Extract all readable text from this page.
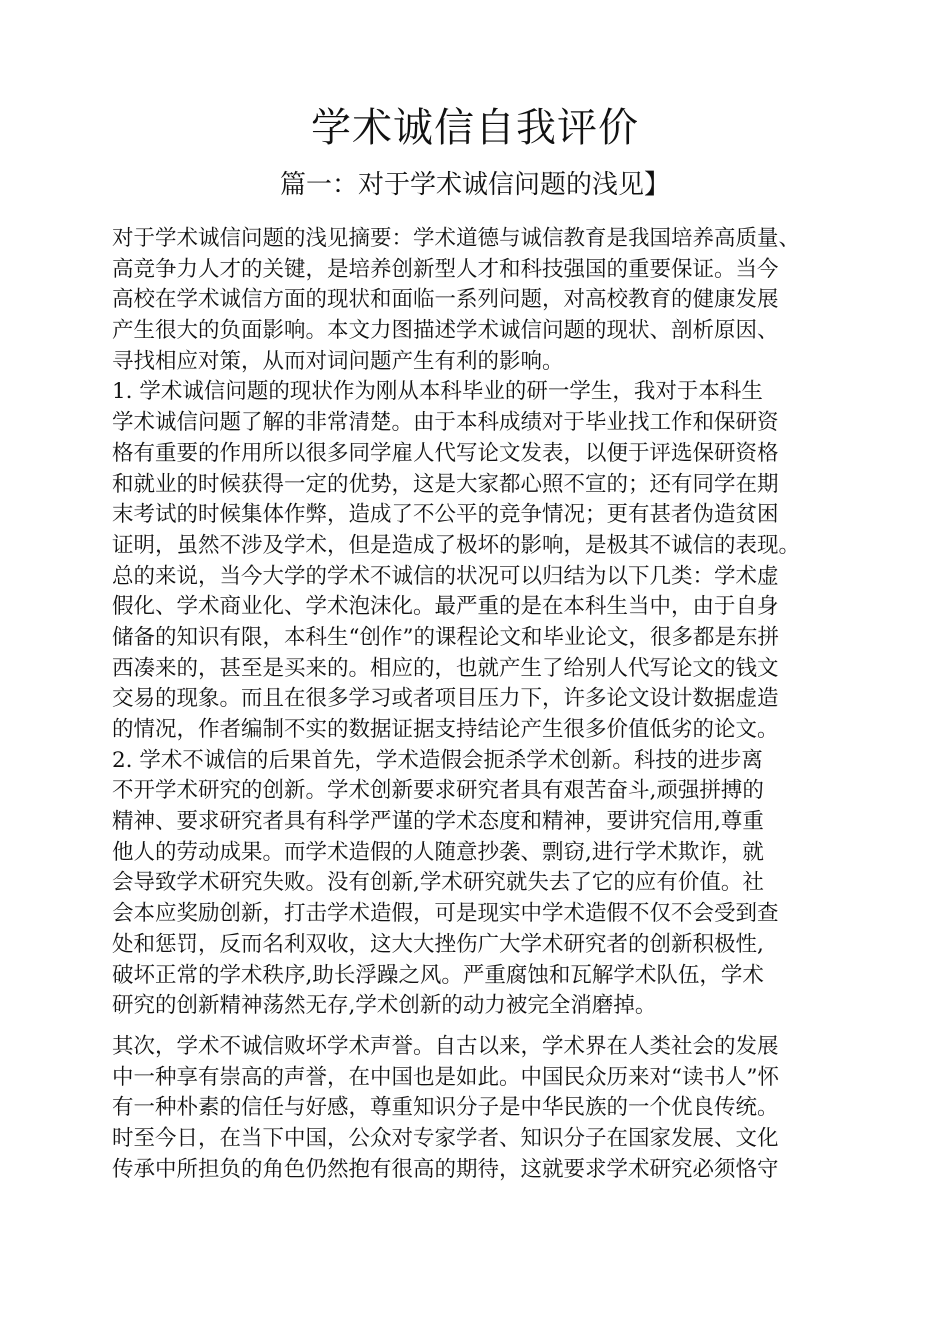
学术诚信自我评价
篇一：对于学术诚信问题的浅见】
对于学术诚信问题的浅见摘要：学术道德与诚信教育是我国培养高质量、
高竞争力人才的关键，是培养创新型人才和科技强国的重要保证。当今
高校在学术诚信方面的现状和面临一系列问题，对高校教育的健康发展
产生很大的负面影响。本文力图描述学术诚信问题的现状、剖析原因、
寻找相应对策，从而对词问题产生有利的影响。
1. 学术诚信问题的现状作为刚从本科毕业的研一学生，我对于本科生
学术诚信问题了解的非常清楚。由于本科成绩对于毕业找工作和保研资
格有重要的作用所以很多同学雇人代写论文发表，以便于评选保研资格
和就业的时候获得一定的优势，这是大家都心照不宣的；还有同学在期
末考试的时候集体作弊，造成了不公平的竞争情况；更有甚者伪造贫困
证明，虽然不涉及学术，但是造成了极坏的影响，是极其不诚信的表现。
总的来说，当今大学的学术不诚信的状况可以归结为以下几类：学术虚
假化、学术商业化、学术泡沫化。最严重的是在本科生当中，由于自身
储备的知识有限，本科生“创作”的课程论文和毕业论文，很多都是东拼
西凑来的，甚至是买来的。相应的，也就产生了给别人代写论文的钱文
交易的现象。而且在很多学习或者项目压力下，许多论文设计数据虚造
的情况，作者编制不实的数据证据支持结论产生很多价值低劣的论文。
2. 学术不诚信的后果首先，学术造假会扼杀学术创新。科技的进步离
不开学术研究的创新。学术创新要求研究者具有艰苦奋斗,顽强拼搏的
精神、要求研究者具有科学严谨的学术态度和精神，要讲究信用,尊重
他人的劳动成果。而学术造假的人随意抄袭、剽窃,进行学术欺诈，就
会导致学术研究失败。没有创新,学术研究就失去了它的应有价值。社
会本应奖励创新，打击学术造假，可是现实中学术造假不仅不会受到查
处和惩罚，反而名利双收，这大大挫伤广大学术研究者的创新积极性,
破坏正常的学术秩序,助长浮躁之风。严重腐蚀和瓦解学术队伍，学术
研究的创新精神荡然无存,学术创新的动力被完全消磨掉。
其次，学术不诚信败坏学术声誉。自古以来，学术界在人类社会的发展
中一种享有崇高的声誉，在中国也是如此。中国民众历来对“读书人”怀
有一种朴素的信任与好感，尊重知识分子是中华民族的一个优良传统。
时至今日，在当下中国，公众对专家学者、知识分子在国家发展、文化
传承中所担负的角色仍然抱有很高的期待，这就要求学术研究必须恪守
